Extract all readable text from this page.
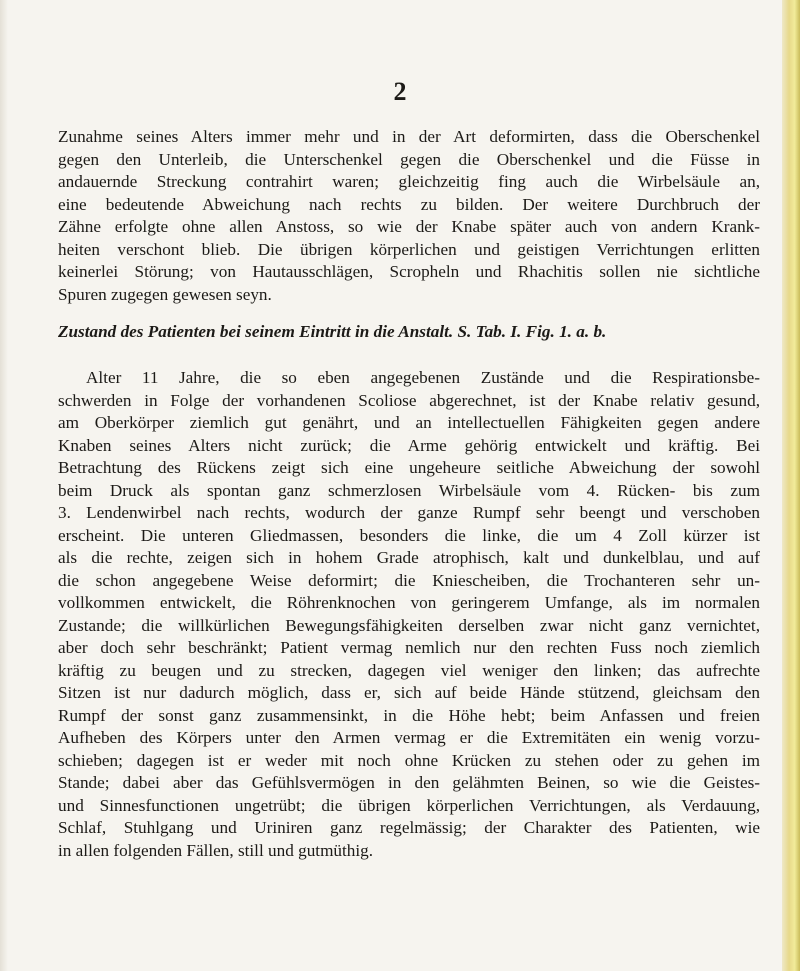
2
Zunahme seines Alters immer mehr und in der Art deformirten, dass die Oberschenkel
gegen den Unterleib, die Unterschenkel gegen die Oberschenkel und die Füsse in
andauernde Streckung contrahirt waren; gleichzeitig fing auch die Wirbelsäule an,
eine bedeutende Abweichung nach rechts zu bilden. Der weitere Durchbruch der
Zähne erfolgte ohne allen Anstoss, so wie der Knabe später auch von andern Krank-
heiten verschont blieb. Die übrigen körperlichen und geistigen Verrichtungen erlitten
keinerlei Störung; von Hautausschlägen, Scropheln und Rhachitis sollen nie sichtliche
Spuren zugegen gewesen seyn.
Zustand des Patienten bei seinem Eintritt in die Anstalt. S. Tab. I. Fig. 1. a. b.
Alter 11 Jahre, die so eben angegebenen Zustände und die Respirationsbe-
schwerden in Folge der vorhandenen Scoliose abgerechnet, ist der Knabe relativ gesund,
am Oberkörper ziemlich gut genährt, und an intellectuellen Fähigkeiten gegen andere
Knaben seines Alters nicht zurück; die Arme gehörig entwickelt und kräftig. Bei
Betrachtung des Rückens zeigt sich eine ungeheure seitliche Abweichung der sowohl
beim Druck als spontan ganz schmerzlosen Wirbelsäule vom 4. Rücken- bis zum
3. Lendenwirbel nach rechts, wodurch der ganze Rumpf sehr beengt und verschoben
erscheint. Die unteren Gliedmassen, besonders die linke, die um 4 Zoll kürzer ist
als die rechte, zeigen sich in hohem Grade atrophisch, kalt und dunkelblau, und auf
die schon angegebene Weise deformirt; die Kniescheiben, die Trochanteren sehr un-
vollkommen entwickelt, die Röhrenknochen von geringerem Umfange, als im normalen
Zustande; die willkürlichen Bewegungsfähigkeiten derselben zwar nicht ganz vernichtet,
aber doch sehr beschränkt; Patient vermag nemlich nur den rechten Fuss noch ziemlich
kräftig zu beugen und zu strecken, dagegen viel weniger den linken; das aufrechte
Sitzen ist nur dadurch möglich, dass er, sich auf beide Hände stützend, gleichsam den
Rumpf der sonst ganz zusammensinkt, in die Höhe hebt; beim Anfassen und freien
Aufheben des Körpers unter den Armen vermag er die Extremitäten ein wenig vorzu-
schieben; dagegen ist er weder mit noch ohne Krücken zu stehen oder zu gehen im
Stande; dabei aber das Gefühlsvermögen in den gelähmten Beinen, so wie die Geistes-
und Sinnesfunctionen ungetrübt; die übrigen körperlichen Verrichtungen, als Verdauung,
Schlaf, Stuhlgang und Uriniren ganz regelmässig; der Charakter des Patienten, wie
in allen folgenden Fällen, still und gutmüthig.
